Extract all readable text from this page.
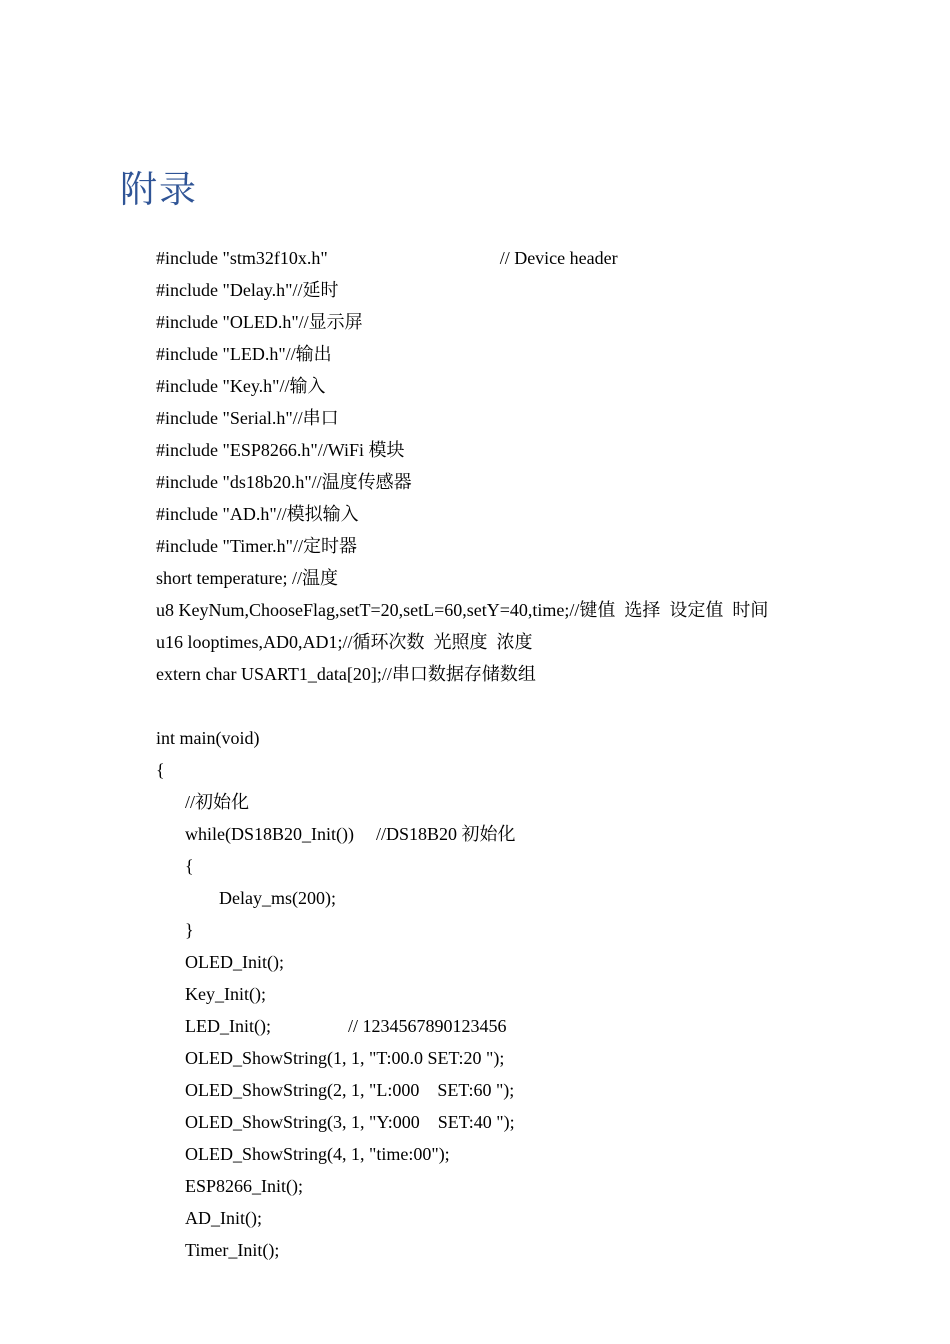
附录
#include "stm32f10x.h"	// Device header
#include "Delay.h"//延时
#include "OLED.h"//显示屏
#include "LED.h"//输出
#include "Key.h"//输入
#include "Serial.h"//串口
#include "ESP8266.h"//WiFi 模块
#include "ds18b20.h"//温度传感器
#include "AD.h"//模拟输入
#include "Timer.h"//定时器
short temperature; //温度
u8 KeyNum,ChooseFlag,setT=20,setL=60,setY=40,time;//键值  选择  设定值  时间
u16 looptimes,AD0,AD1;//循环次数  光照度  浓度
extern char USART1_data[20];//串口数据存储数组
int main(void)
{
//初始化
while(DS18B20_Init()) //DS18B20 初始化
{
Delay_ms(200);
}
OLED_Init();
Key_Init();
LED_Init();	// 1234567890123456
OLED_ShowString(1, 1, "T:00.0 SET:20 ");
OLED_ShowString(2, 1, "L:000    SET:60 ");
OLED_ShowString(3, 1, "Y:000    SET:40 ");
OLED_ShowString(4, 1, "time:00");
ESP8266_Init();
AD_Init();
Timer_Init();
